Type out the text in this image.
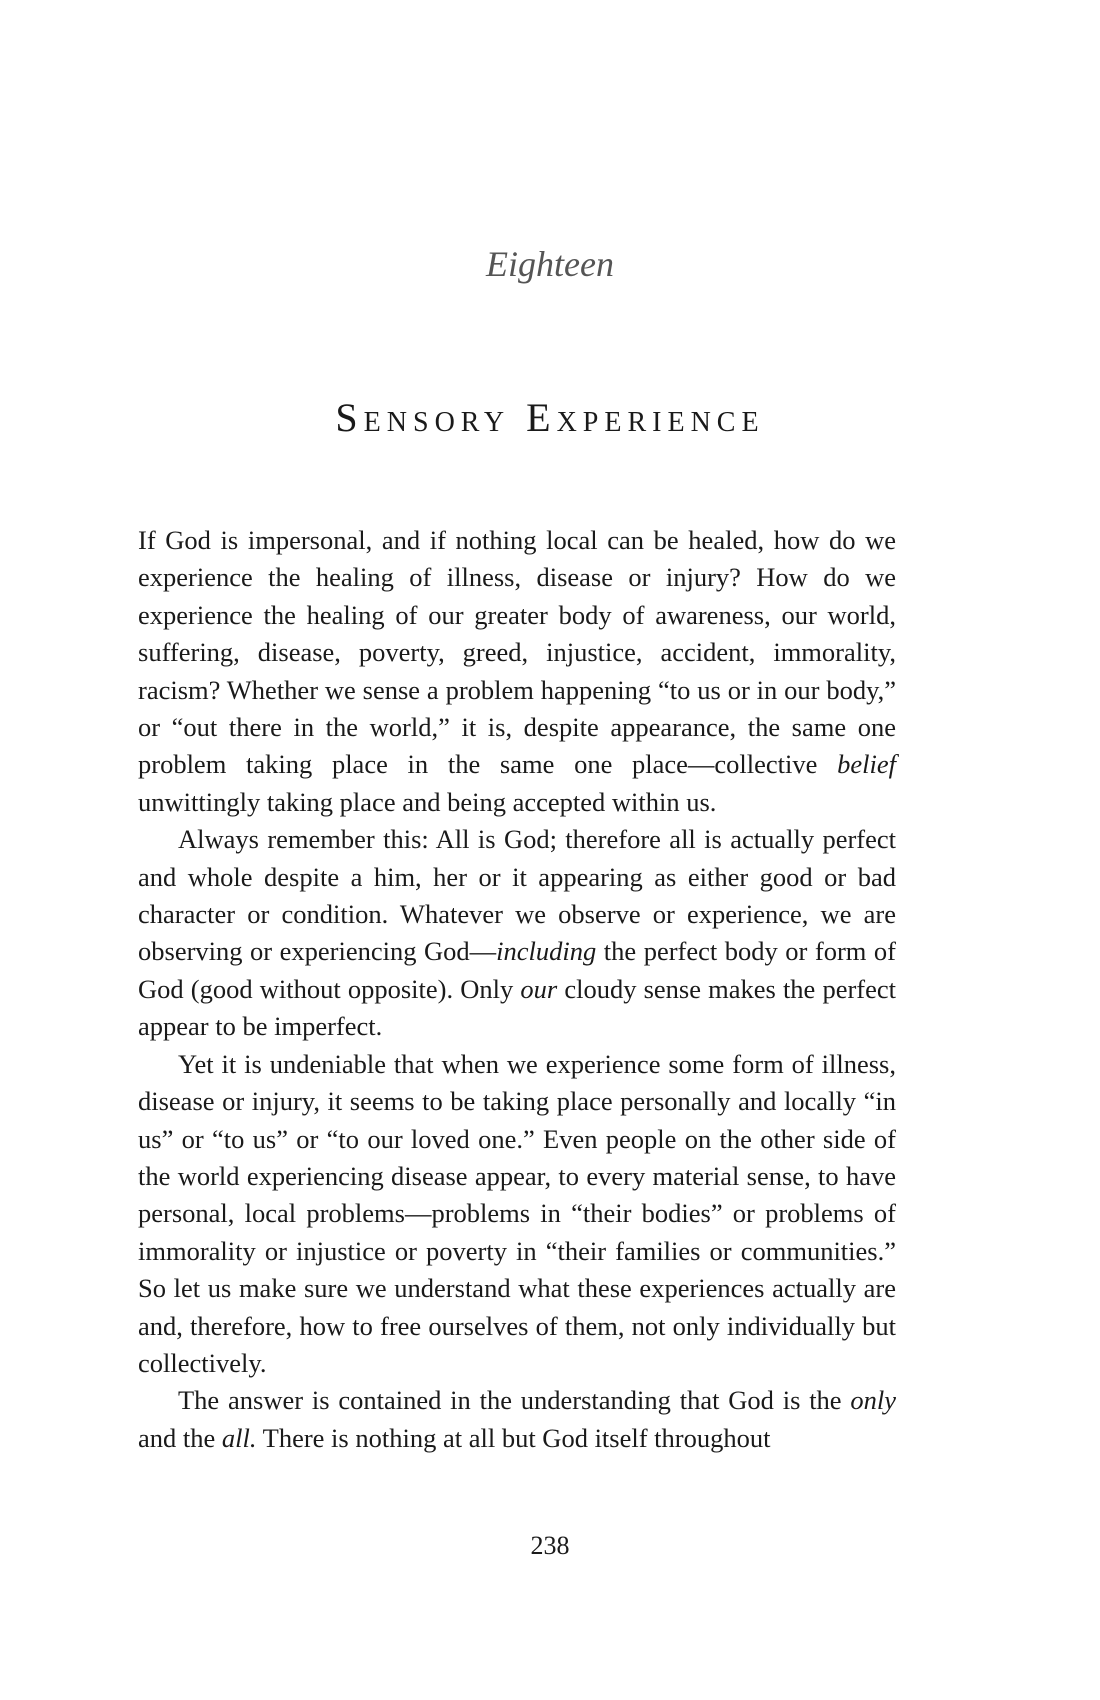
Eighteen
Sensory Experience

If God is impersonal, and if nothing local can be healed, how do we experience the healing of illness, disease or injury? How do we experience the healing of our greater body of awareness, our world, suffering, disease, poverty, greed, injustice, accident, immorality, racism? Whether we sense a problem happening “to us or in our body,” or “out there in the world,” it is, despite appearance, the same one problem taking place in the same one place—collective belief unwittingly taking place and being accepted within us.

Always remember this: All is God; therefore all is actually perfect and whole despite a him, her or it appearing as either good or bad character or condition. Whatever we observe or experience, we are observing or experiencing God—including the perfect body or form of God (good without opposite). Only our cloudy sense makes the perfect appear to be imperfect.

Yet it is undeniable that when we experience some form of illness, disease or injury, it seems to be taking place personally and locally “in us” or “to us” or “to our loved one.” Even people on the other side of the world experiencing disease appear, to every material sense, to have personal, local problems—problems in “their bodies” or problems of immorality or injustice or poverty in “their families or communities.” So let us make sure we understand what these experiences actually are and, therefore, how to free ourselves of them, not only individually but collectively.

The answer is contained in the understanding that God is the only and the all. There is nothing at all but God itself throughout

238
